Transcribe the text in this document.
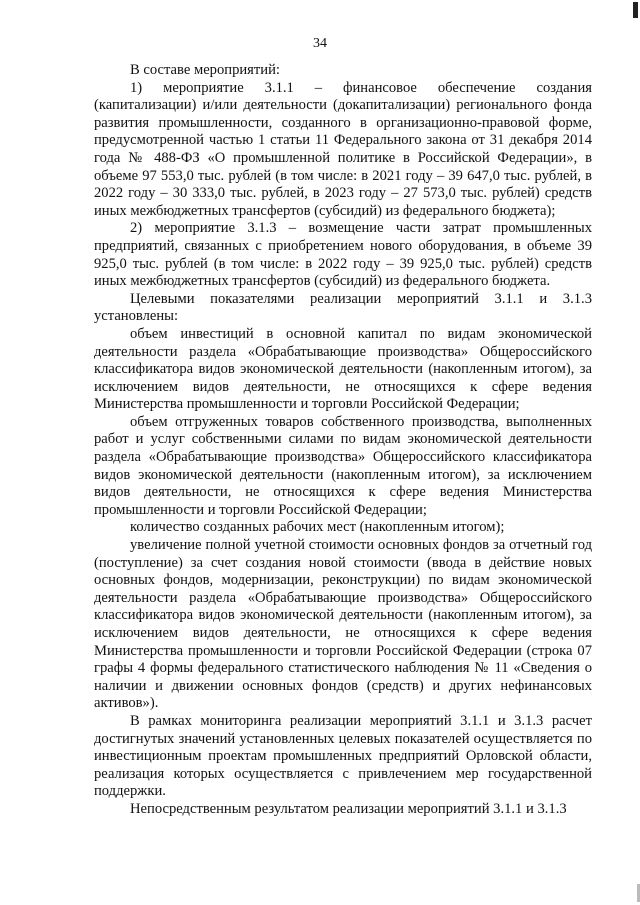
34

В составе мероприятий:

1) мероприятие 3.1.1 – финансовое обеспечение создания (капитализации) и/или деятельности (докапитализации) регионального фонда развития промышленности, созданного в организационно-правовой форме, предусмотренной частью 1 статьи 11 Федерального закона от 31 декабря 2014 года № 488-ФЗ «О промышленной политике в Российской Федерации», в объеме 97 553,0 тыс. рублей (в том числе: в 2021 году – 39 647,0 тыс. рублей, в 2022 году – 30 333,0 тыс. рублей, в 2023 году – 27 573,0 тыс. рублей) средств иных межбюджетных трансфертов (субсидий) из федерального бюджета);

2) мероприятие 3.1.3 – возмещение части затрат промышленных предприятий, связанных с приобретением нового оборудования, в объеме 39 925,0 тыс. рублей (в том числе: в 2022 году – 39 925,0 тыс. рублей) средств иных межбюджетных трансфертов (субсидий) из федерального бюджета.

Целевыми показателями реализации мероприятий 3.1.1 и 3.1.3 установлены:

объем инвестиций в основной капитал по видам экономической деятельности раздела «Обрабатывающие производства» Общероссийского классификатора видов экономической деятельности (накопленным итогом), за исключением видов деятельности, не относящихся к сфере ведения Министерства промышленности и торговли Российской Федерации;

объем отгруженных товаров собственного производства, выполненных работ и услуг собственными силами по видам экономической деятельности раздела «Обрабатывающие производства» Общероссийского классификатора видов экономической деятельности (накопленным итогом), за исключением видов деятельности, не относящихся к сфере ведения Министерства промышленности и торговли Российской Федерации;

количество созданных рабочих мест (накопленным итогом);

увеличение полной учетной стоимости основных фондов за отчетный год (поступление) за счет создания новой стоимости (ввода в действие новых основных фондов, модернизации, реконструкции) по видам экономической деятельности раздела «Обрабатывающие производства» Общероссийского классификатора видов экономической деятельности (накопленным итогом), за исключением видов деятельности, не относящихся к сфере ведения Министерства промышленности и торговли Российской Федерации (строка 07 графы 4 формы федерального статистического наблюдения № 11 «Сведения о наличии и движении основных фондов (средств) и других нефинансовых активов»).

В рамках мониторинга реализации мероприятий 3.1.1 и 3.1.3 расчет достигнутых значений установленных целевых показателей осуществляется по инвестиционным проектам промышленных предприятий Орловской области, реализация которых осуществляется с привлечением мер государственной поддержки.

Непосредственным результатом реализации мероприятий 3.1.1 и 3.1.3
